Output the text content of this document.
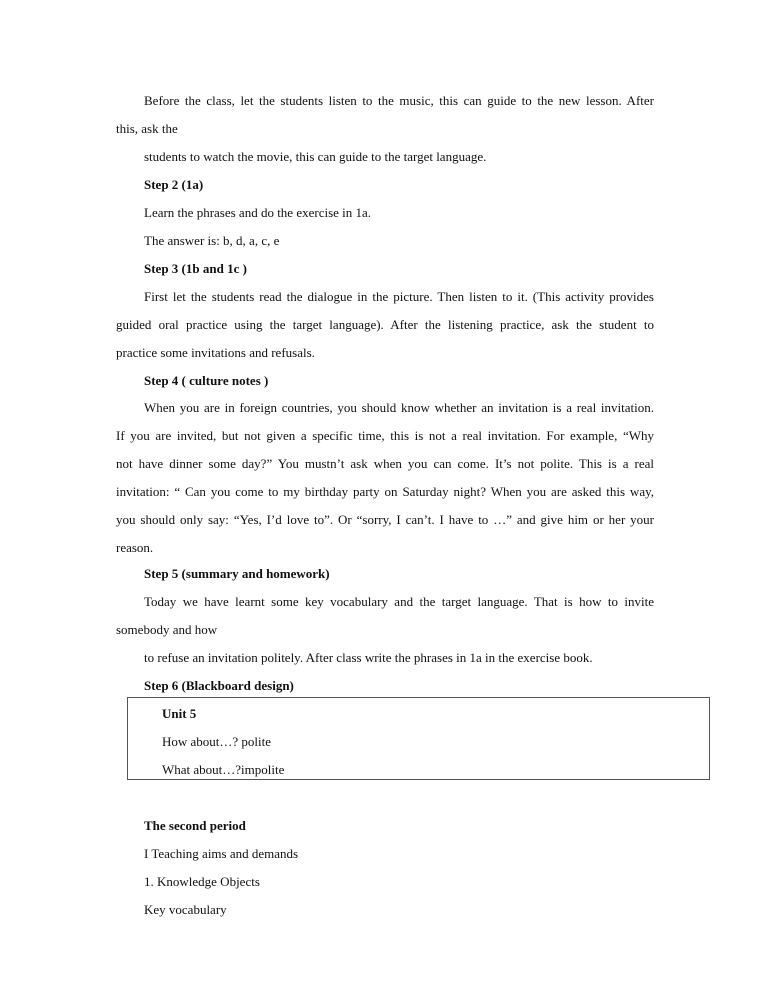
Before the class, let the students listen to the music, this can guide to the new lesson. After
this, ask the
students to watch the movie, this can guide to the target language.
Step 2 (1a)
Learn the phrases and do the exercise in 1a.
The answer is: b, d, a, c, e
Step 3 (1b and 1c )
First let the students read the dialogue in the picture. Then listen to it. (This activity provides
guided oral practice using the target language). After the listening practice, ask the student to
practice some invitations and refusals.
Step 4 ( culture notes )
When you are in foreign countries, you should know whether an invitation is a real invitation.
If you are invited, but not given a specific time, this is not a real invitation. For example, “Why
not have dinner some day?” You mustn’t ask when you can come. It’s not polite. This is a real
invitation: “ Can you come to my birthday party on Saturday night? When you are asked this way,
you should only say: “Yes, I’d love to”. Or “sorry, I can’t. I have to …” and give him or her your
reason.
Step 5 (summary and homework)
Today we have learnt some key vocabulary and the target language. That is how to invite
somebody and how
to refuse an invitation politely. After class write the phrases in 1a in the exercise book.
Step 6 (Blackboard design)
Unit 5
How about…? polite
What about…?impolite
The second period
I Teaching aims and demands
1. Knowledge Objects
Key vocabulary
